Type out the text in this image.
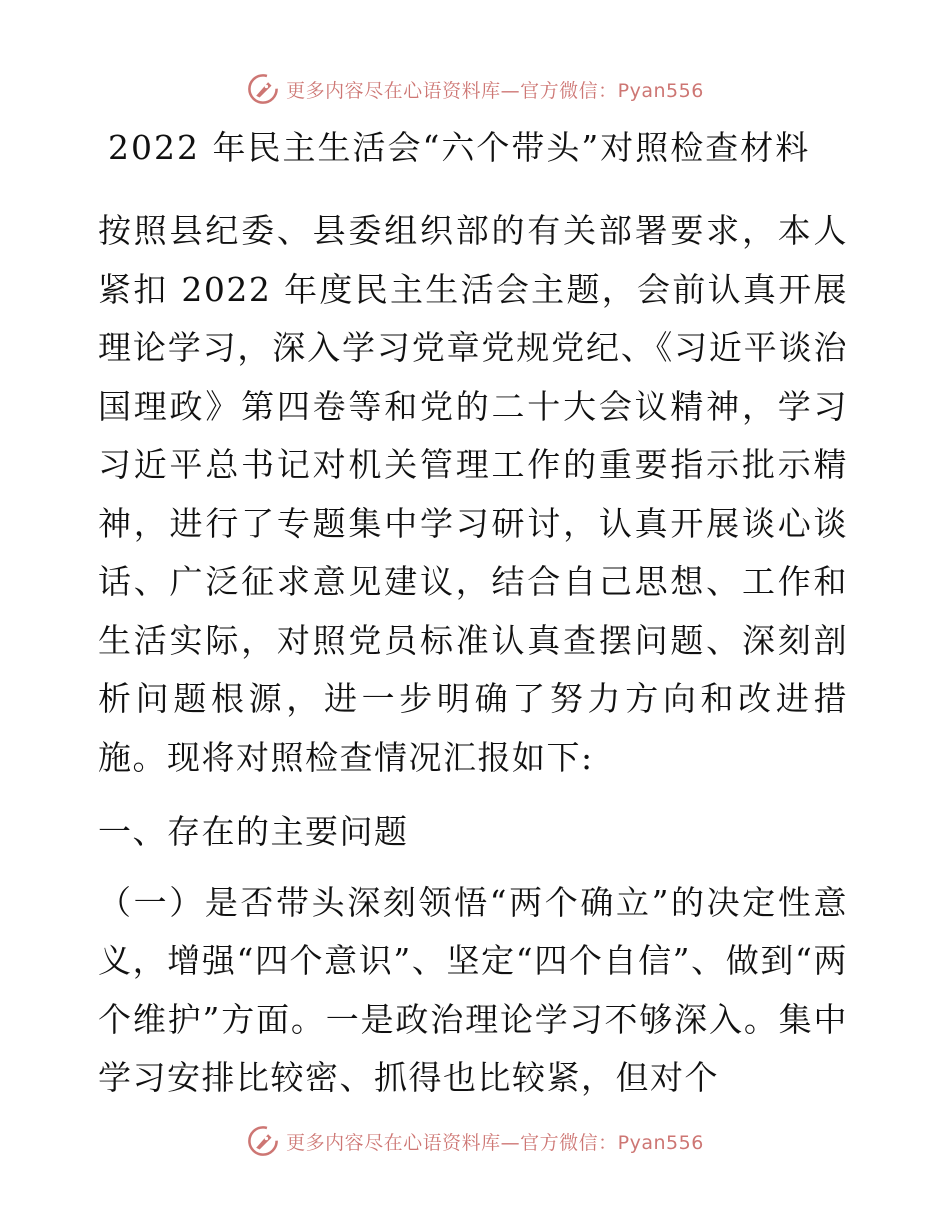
更多内容尽在心语资料库—官方微信：Pyan556
2022 年民主生活会“六个带头”对照检查材料

按照县纪委、县委组织部的有关部署要求，本人紧扣 2022 年度民主生活会主题，会前认真开展理论学习，深入学习党章党规党纪、《习近平谈治国理政》第四卷等和党的二十大会议精神，学习习近平总书记对机关管理工作的重要指示批示精神，进行了专题集中学习研讨，认真开展谈心谈话、广泛征求意见建议，结合自己思想、工作和生活实际，对照党员标准认真查摆问题、深刻剖析问题根源，进一步明确了努力方向和改进措施。现将对照检查情况汇报如下:

一、存在的主要问题

（一）是否带头深刻领悟“两个确立”的决定性意义，增强“四个意识”、坚定“四个自信”、做到“两个维护”方面。一是政治理论学习不够深入。集中学习安排比较密、抓得也比较紧，但对个

更多内容尽在心语资料库—官方微信：Pyan556
